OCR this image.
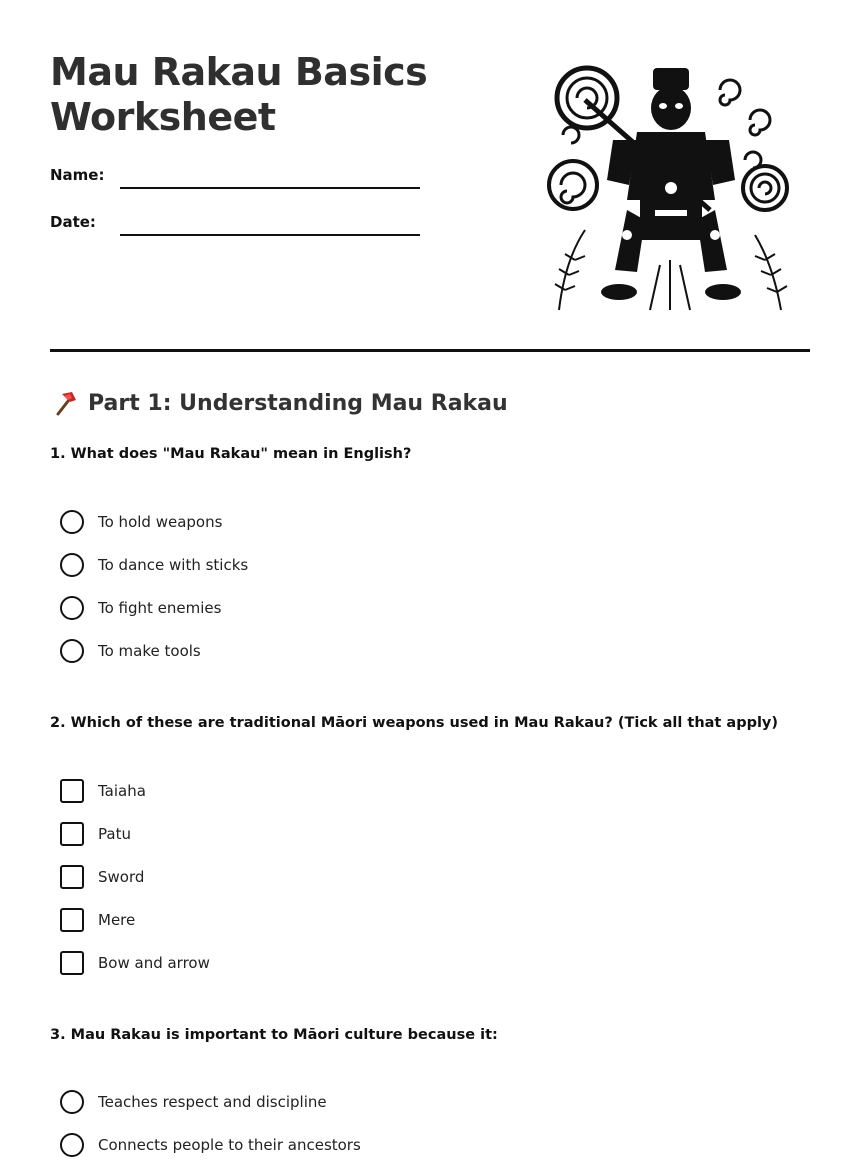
Mau Rakau Basics Worksheet
Name:
Date:
Part 1: Understanding Mau Rakau

1. What does "Mau Rakau" mean in English?

To hold weapons
To dance with sticks
To fight enemies
To make tools

2. Which of these are traditional Māori weapons used in Mau Rakau? (Tick all that apply)

Taiaha
Patu
Sword
Mere
Bow and arrow

3. Mau Rakau is important to Māori culture because it:

Teaches respect and discipline
Connects people to their ancestors
